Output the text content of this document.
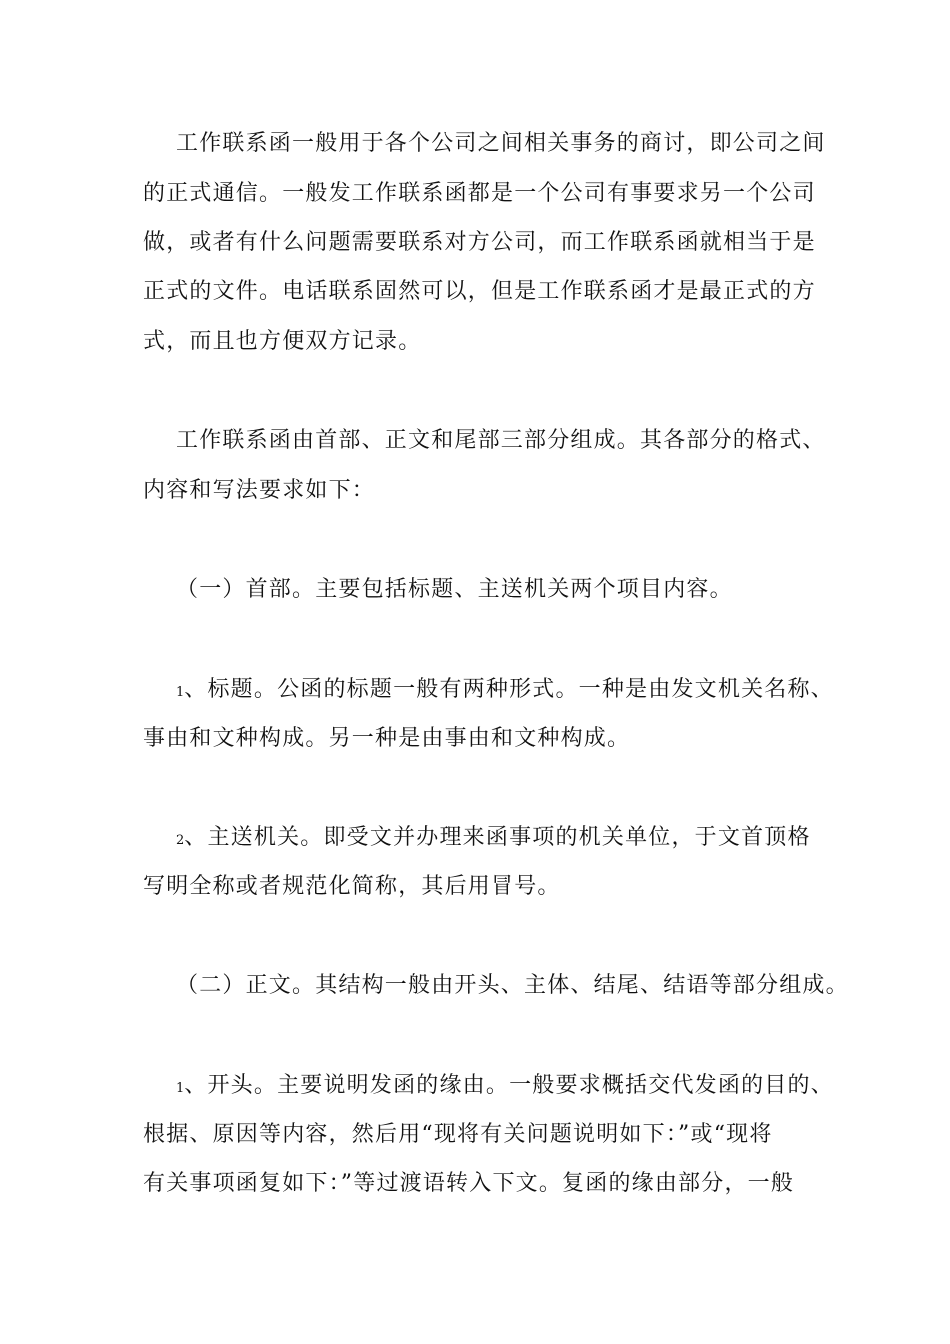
工作联系函一般用于各个公司之间相关事务的商讨，即公司之间
的正式通信。一般发工作联系函都是一个公司有事要求另一个公司
做，或者有什么问题需要联系对方公司，而工作联系函就相当于是
正式的文件。电话联系固然可以，但是工作联系函才是最正式的方
式，而且也方便双方记录。
工作联系函由首部、正文和尾部三部分组成。其各部分的格式、
内容和写法要求如下：
（一）首部。主要包括标题、主送机关两个项目内容。
1、标题。公函的标题一般有两种形式。一种是由发文机关名称、
事由和文种构成。另一种是由事由和文种构成。
2、主送机关。即受文并办理来函事项的机关单位，于文首顶格
写明全称或者规范化简称，其后用冒号。
（二）正文。其结构一般由开头、主体、结尾、结语等部分组成。
1、开头。主要说明发函的缘由。一般要求概括交代发函的目的、
根据、原因等内容，然后用“现将有关问题说明如下：”或“现将
有关事项函复如下：”等过渡语转入下文。复函的缘由部分，一般
